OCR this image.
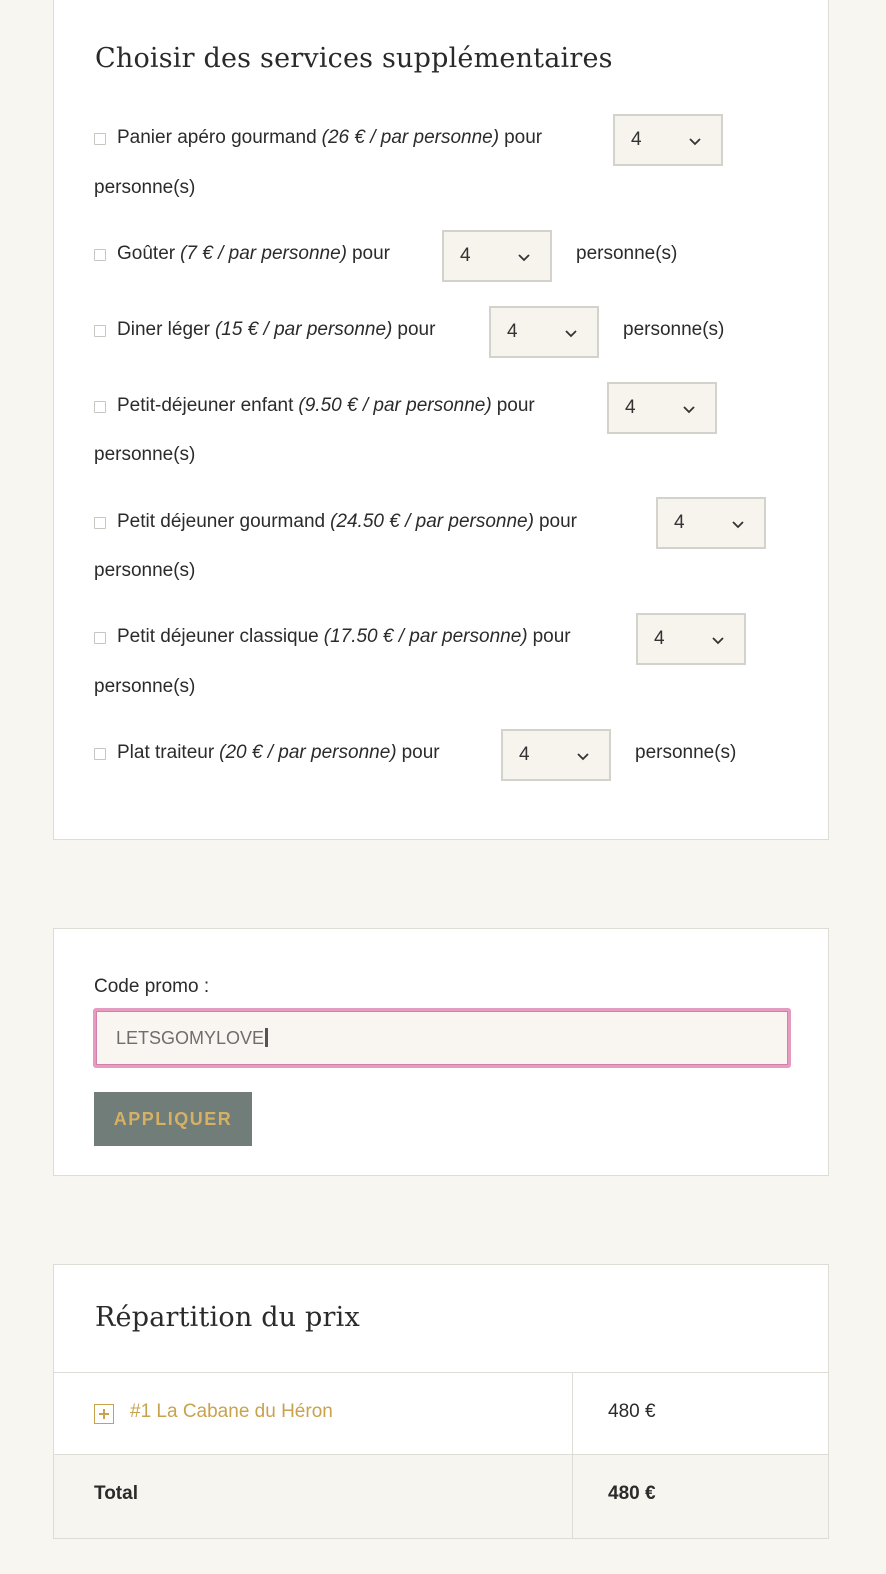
Choisir des services supplémentaires
Panier apéro gourmand (26 € / par personne) pour	4
personne(s)
Goûter (7 € / par personne) pour	4	personne(s)
Diner léger (15 € / par personne) pour	4	personne(s)
Petit-déjeuner enfant (9.50 € / par personne) pour	4
personne(s)
Petit déjeuner gourmand (24.50 € / par personne) pour	4
personne(s)
Petit déjeuner classique (17.50 € / par personne) pour	4
personne(s)
Plat traiteur (20 € / par personne) pour	4	personne(s)
Code promo :
LETSGOMYLOVE
APPLIQUER
Répartition du prix
#1 La Cabane du Héron	480 €
Total	480 €
